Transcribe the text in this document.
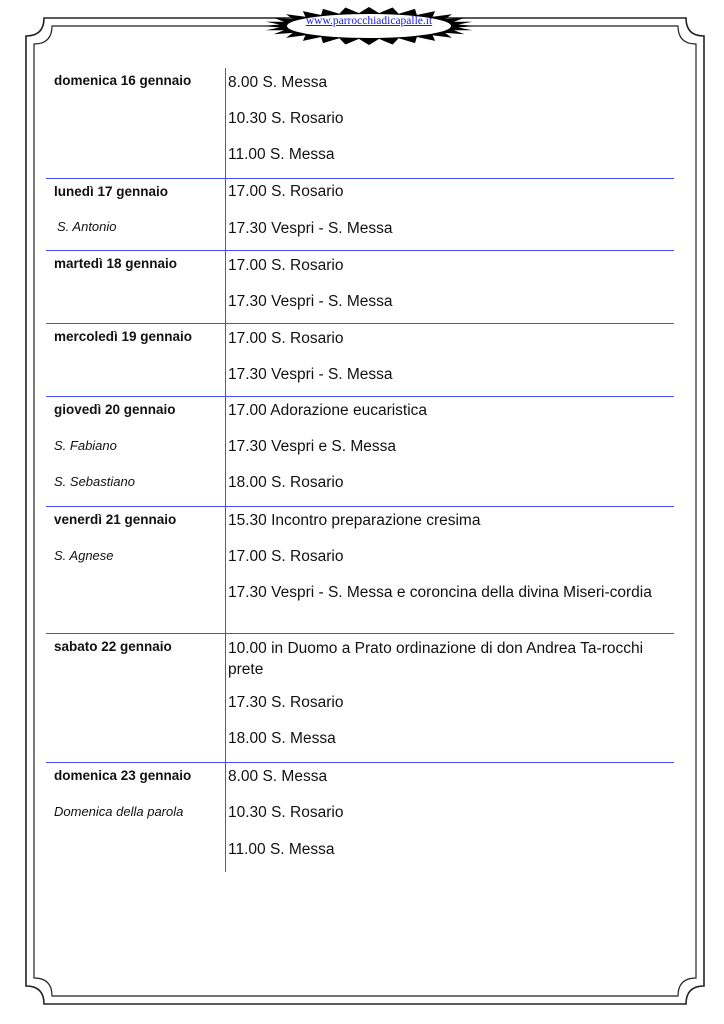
www.parrocchiadicapalle.it
domenica 16 gennaio 8.00 S. Messa
10.30 S. Rosario
11.00 S. Messa
lunedì 17 gennaio
S. Antonio
17.00 S. Rosario
17.30 Vespri - S. Messa
martedì 18 gennaio	17.00 S. Rosario
17.30 Vespri - S. Messa
mercoledì 19 gennaio 17.00 S. Rosario
17.30 Vespri - S. Messa
giovedì 20 gennaio
S. Fabiano
S. Sebastiano
17.00 Adorazione eucaristica
17.30 Vespri e S. Messa
18.00 S. Rosario
venerdì 21 gennaio
S. Agnese
15.30 Incontro preparazione cresima
17.00 S. Rosario
17.30 Vespri - S. Messa e coroncina della divina Miseri-cordia
sabato 22 gennaio	10.00 in Duomo a Prato ordinazione di don Andrea Ta-rocchi prete
17.30 S. Rosario
18.00 S. Messa
domenica 23 gennaio
Domenica della parola
8.00 S. Messa
10.30 S. Rosario
11.00 S. Messa
